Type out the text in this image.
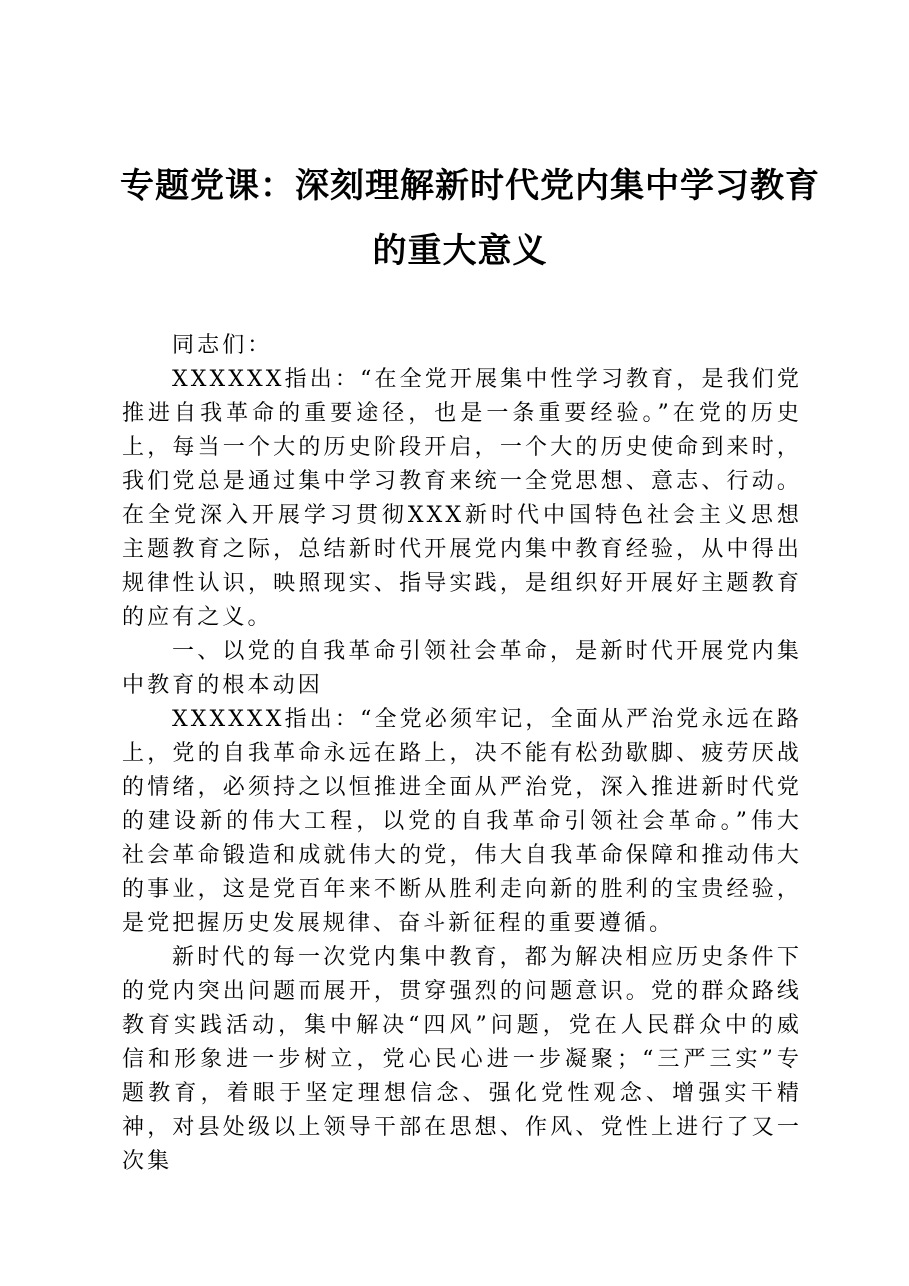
专题党课：深刻理解新时代党内集中学习教育
的重大意义

同志们：

XXXXXX指出：“在全党开展集中性学习教育，是我们党推进自我革命的重要途径，也是一条重要经验。”在党的历史上，每当一个大的历史阶段开启，一个大的历史使命到来时，我们党总是通过集中学习教育来统一全党思想、意志、行动。在全党深入开展学习贯彻XXX新时代中国特色社会主义思想主题教育之际，总结新时代开展党内集中教育经验，从中得出规律性认识，映照现实、指导实践，是组织好开展好主题教育的应有之义。

一、以党的自我革命引领社会革命，是新时代开展党内集中教育的根本动因

XXXXXX指出：“全党必须牢记，全面从严治党永远在路上，党的自我革命永远在路上，决不能有松劲歇脚、疲劳厌战的情绪，必须持之以恒推进全面从严治党，深入推进新时代党的建设新的伟大工程，以党的自我革命引领社会革命。”伟大社会革命锻造和成就伟大的党，伟大自我革命保障和推动伟大的事业，这是党百年来不断从胜利走向新的胜利的宝贵经验，是党把握历史发展规律、奋斗新征程的重要遵循。

新时代的每一次党内集中教育，都为解决相应历史条件下的党内突出问题而展开，贯穿强烈的问题意识。党的群众路线教育实践活动，集中解决“四风”问题，党在人民群众中的威信和形象进一步树立，党心民心进一步凝聚；“三严三实”专题教育，着眼于坚定理想信念、强化党性观念、增强实干精神，对县处级以上领导干部在思想、作风、党性上进行了又一次集
